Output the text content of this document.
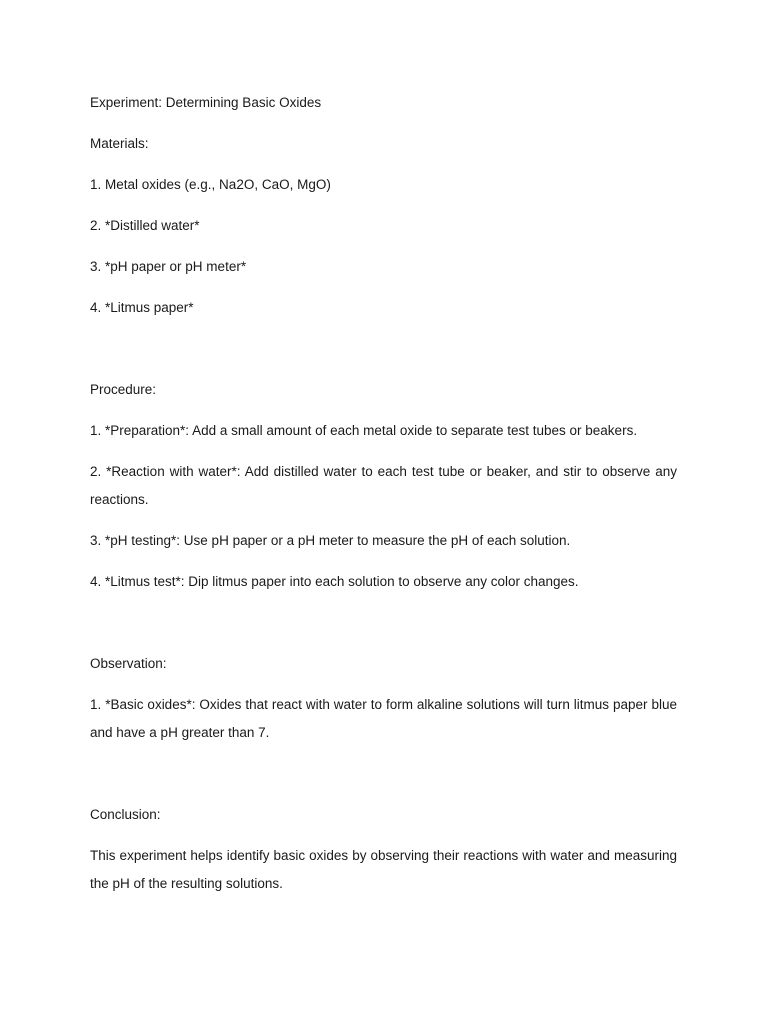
Experiment: Determining Basic Oxides

Materials:

1. Metal oxides (e.g., Na2O, CaO, MgO)

2. *Distilled water*

3. *pH paper or pH meter*

4. *Litmus paper*

Procedure:

1. *Preparation*: Add a small amount of each metal oxide to separate test tubes or beakers.

2. *Reaction with water*: Add distilled water to each test tube or beaker, and stir to observe any reactions.

3. *pH testing*: Use pH paper or a pH meter to measure the pH of each solution.

4. *Litmus test*: Dip litmus paper into each solution to observe any color changes.

Observation:

1. *Basic oxides*: Oxides that react with water to form alkaline solutions will turn litmus paper blue and have a pH greater than 7.

Conclusion:

This experiment helps identify basic oxides by observing their reactions with water and measuring the pH of the resulting solutions.
